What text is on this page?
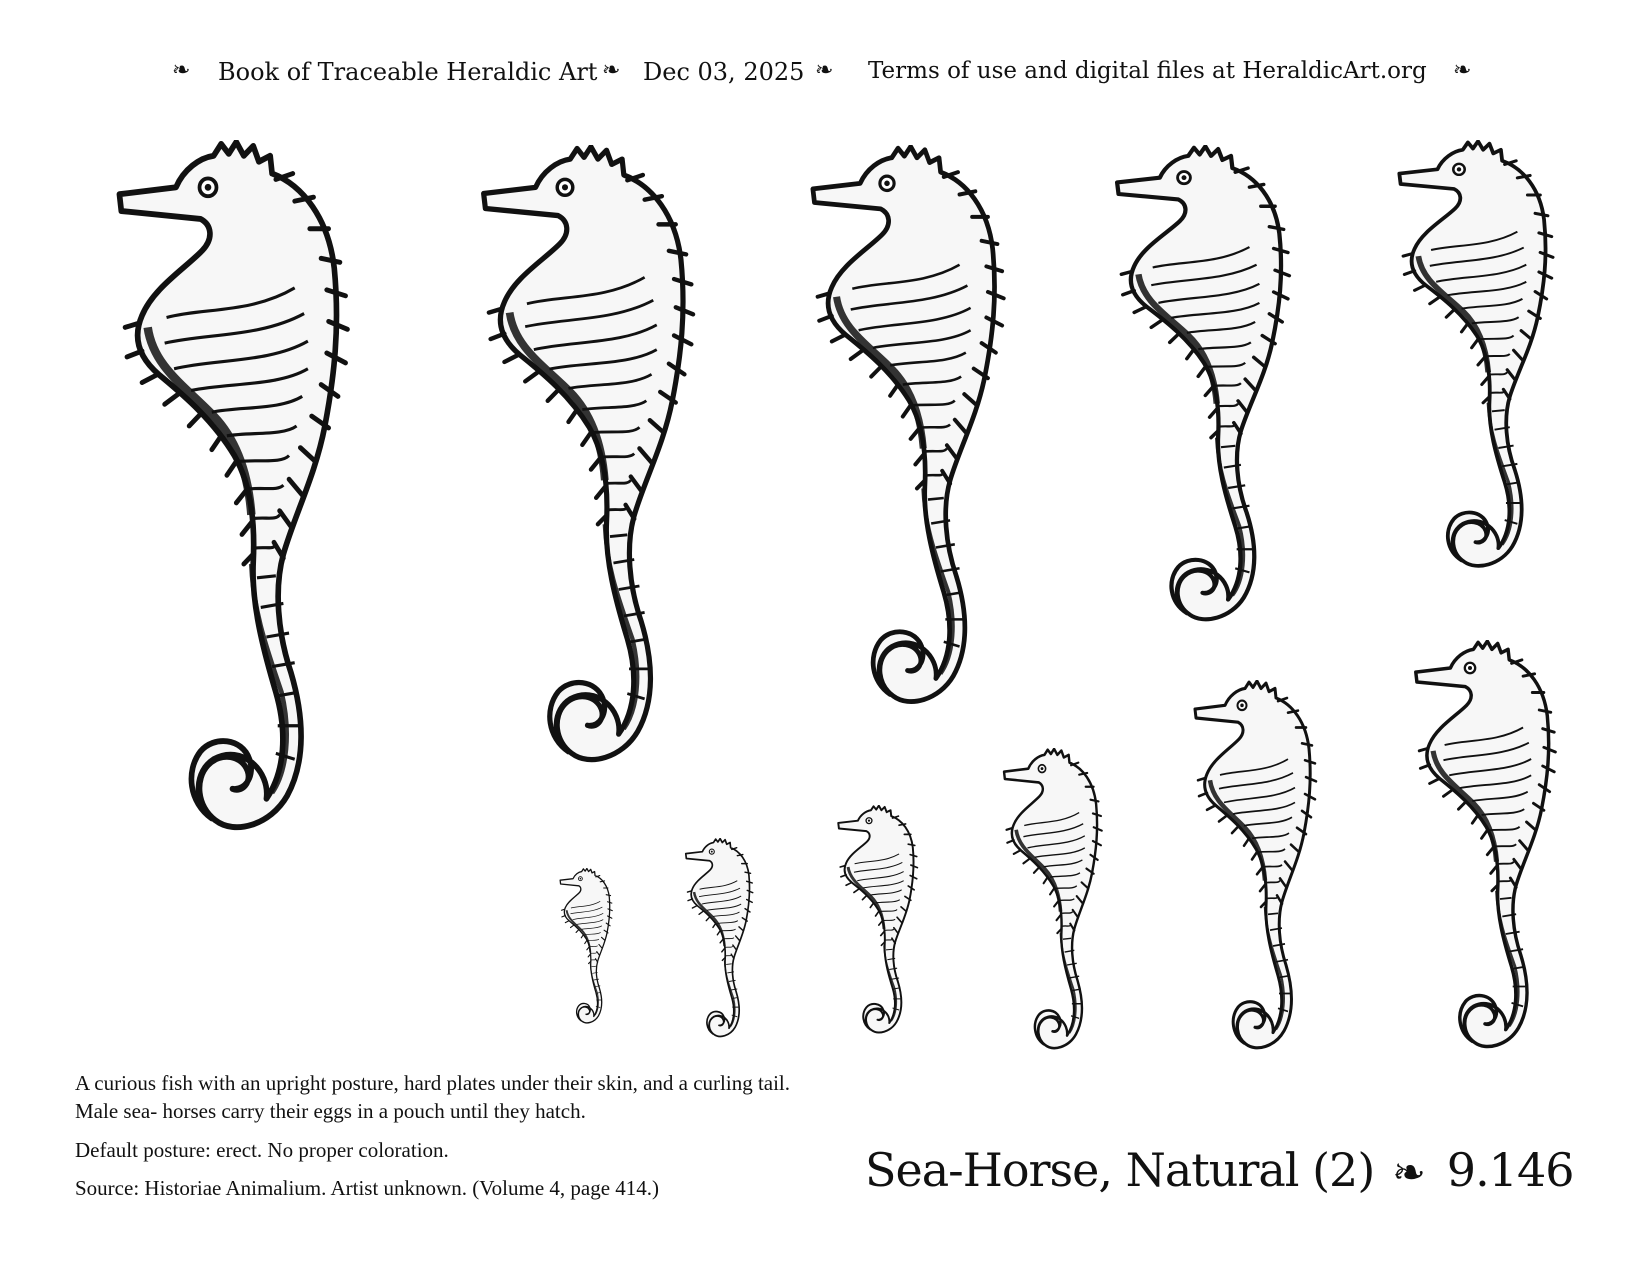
❧ Book of Traceable Heraldic Art ❧ Dec 03, 2025 ❧ Terms of use and digital files at HeraldicArt.org ❧
A curious fish with an upright posture, hard plates under their skin, and a curling tail.
Male sea- horses carry their eggs in a pouch until they hatch.
Default posture: erect. No proper coloration.
Source: Historiae Animalium. Artist unknown. (Volume 4, page 414.)	Sea-Horse, Natural (2) ❧ 9.146
